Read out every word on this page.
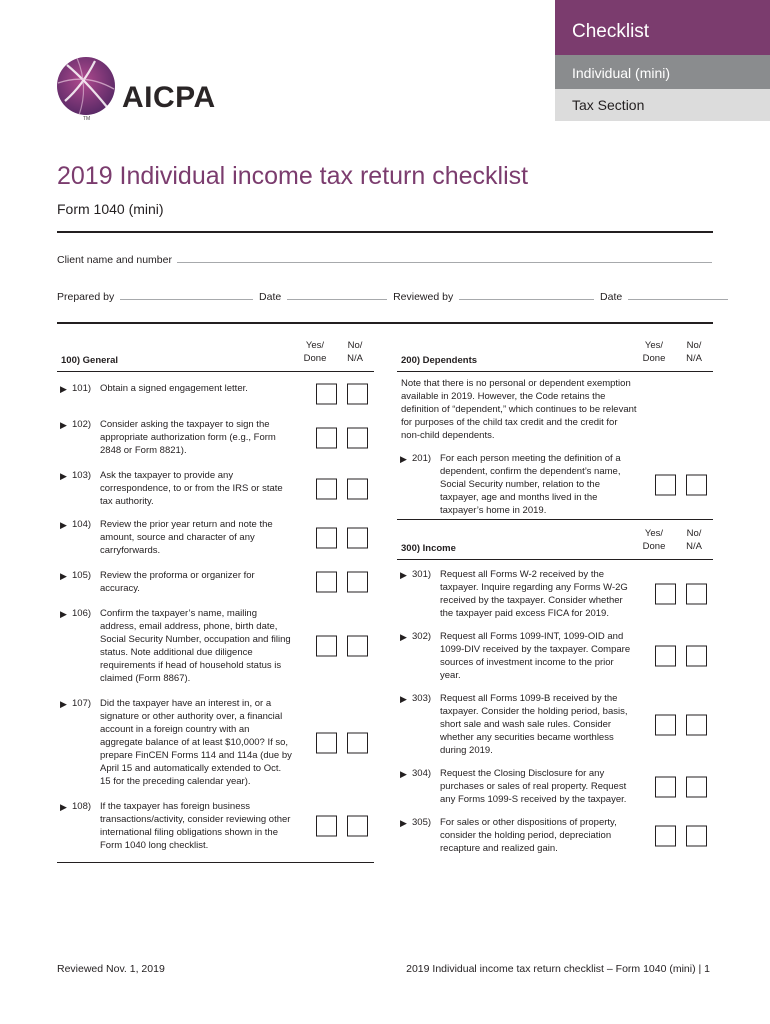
Checklist
Individual (mini)
Tax Section
AICPA
TM
2019 Individual income tax return checklist
Form 1040 (mini)
Client name and number
Prepared by	Date	Reviewed by	Date
100) General
Yes/
Done
No/
N/A
▶ 101) Obtain a signed engagement letter.
▶ 102) Consider asking the taxpayer to sign the appropriate authorization form (e.g., Form 2848 or Form 8821).
▶ 103) Ask the taxpayer to provide any correspondence, to or from the IRS or state tax authority.
▶ 104) Review the prior year return and note the amount, source and character of any carryforwards.
▶ 105) Review the proforma or organizer for accuracy.
▶ 106) Confirm the taxpayer’s name, mailing address, email address, phone, birth date, Social Security Number, occupation and filing status. Note additional due diligence requirements if head of household status is claimed (Form 8867).
▶ 107) Did the taxpayer have an interest in, or a signature or other authority over, a financial account in a foreign country with an aggregate balance of at least $10,000? If so, prepare FinCEN Forms 114 and 114a (due by April 15 and automatically extended to Oct. 15 for the preceding calendar year).
▶ 108) If the taxpayer has foreign business transactions/activity, consider reviewing other international filing obligations shown in the Form 1040 long checklist.
200) Dependents
Yes/
Done
No/
N/A
Note that there is no personal or dependent exemption available in 2019. However, the Code retains the definition of “dependent,” which continues to be relevant for purposes of the child tax credit and the credit for non-child dependents.
▶ 201) For each person meeting the definition of a dependent, confirm the dependent’s name, Social Security number, relation to the taxpayer, age and months lived in the taxpayer’s home in 2019.
300) Income
Yes/
Done
No/
N/A
▶ 301) Request all Forms W-2 received by the taxpayer. Inquire regarding any Forms W-2G received by the taxpayer. Consider whether the taxpayer paid excess FICA for 2019.
▶ 302) Request all Forms 1099-INT, 1099-OID and 1099-DIV received by the taxpayer. Compare sources of investment income to the prior year.
▶ 303) Request all Forms 1099-B received by the taxpayer. Consider the holding period, basis, short sale and wash sale rules. Consider whether any securities became worthless during 2019.
▶ 304) Request the Closing Disclosure for any purchases or sales of real property. Request any Forms 1099-S received by the taxpayer.
▶ 305) For sales or other dispositions of property, consider the holding period, depreciation recapture and realized gain.
Reviewed Nov. 1, 2019	2019 Individual income tax return checklist – Form 1040 (mini) | 1
